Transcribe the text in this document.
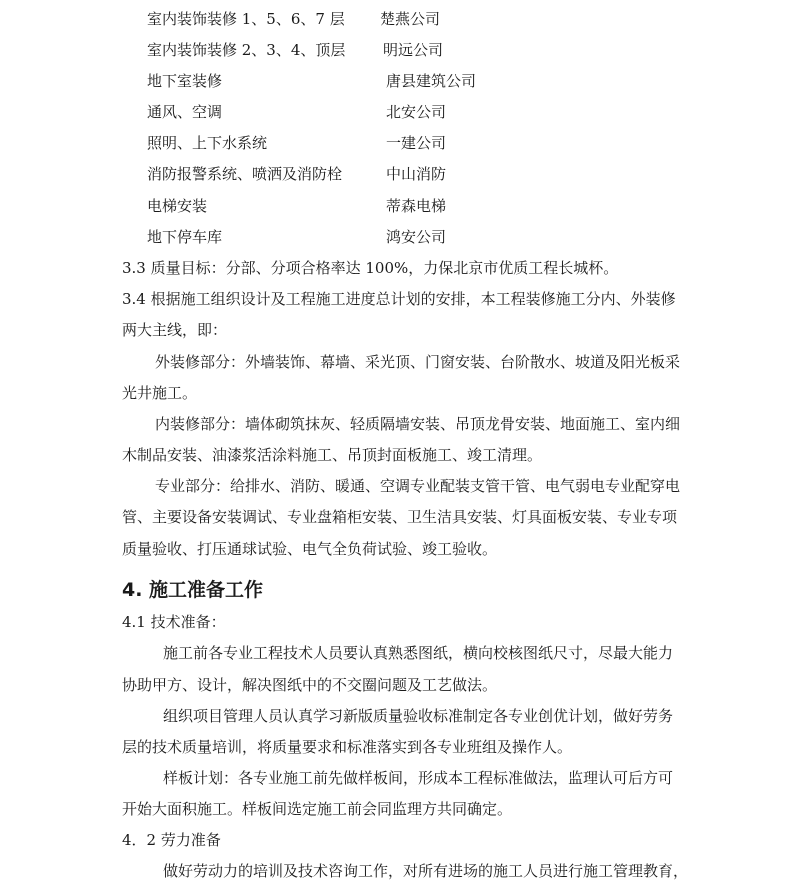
室内装饰装修 1、5、6、7 层 楚燕公司
室内装饰装修 2、3、4、顶层	明远公司
地下室装修	唐县建筑公司
通风、空调	北安公司
照明、上下水系统	一建公司
消防报警系统、喷洒及消防栓	中山消防
电梯安装	蒂森电梯
地下停车库	鸿安公司
3.3 质量目标：分部、分项合格率达 100%，力保北京市优质工程长城杯。
3.4 根据施工组织设计及工程施工进度总计划的安排，本工程装修施工分内、外装修
两大主线，即：
外装修部分：外墙装饰、幕墙、采光顶、门窗安装、台阶散水、坡道及阳光板采
光井施工。
内装修部分：墙体砌筑抹灰、轻质隔墙安装、吊顶龙骨安装、地面施工、室内细
木制品安装、油漆浆活涂料施工、吊顶封面板施工、竣工清理。
专业部分：给排水、消防、暖通、空调专业配装支管干管、电气弱电专业配穿电
管、主要设备安装调试、专业盘箱柜安装、卫生洁具安装、灯具面板安装、专业专项
质量验收、打压通球试验、电气全负荷试验、竣工验收。
4. 施工准备工作
4.1 技术准备：
施工前各专业工程技术人员要认真熟悉图纸，横向校核图纸尺寸，尽最大能力
协助甲方、设计，解决图纸中的不交圈问题及工艺做法。
组织项目管理人员认真学习新版质量验收标准制定各专业创优计划，做好劳务
层的技术质量培训，将质量要求和标准落实到各专业班组及操作人。
样板计划：各专业施工前先做样板间，形成本工程标准做法，监理认可后方可
开始大面积施工。样板间选定施工前会同监理方共同确定。
4．2 劳力准备
做好劳动力的培训及技术咨询工作，对所有进场的施工人员进行施工管理教育，
